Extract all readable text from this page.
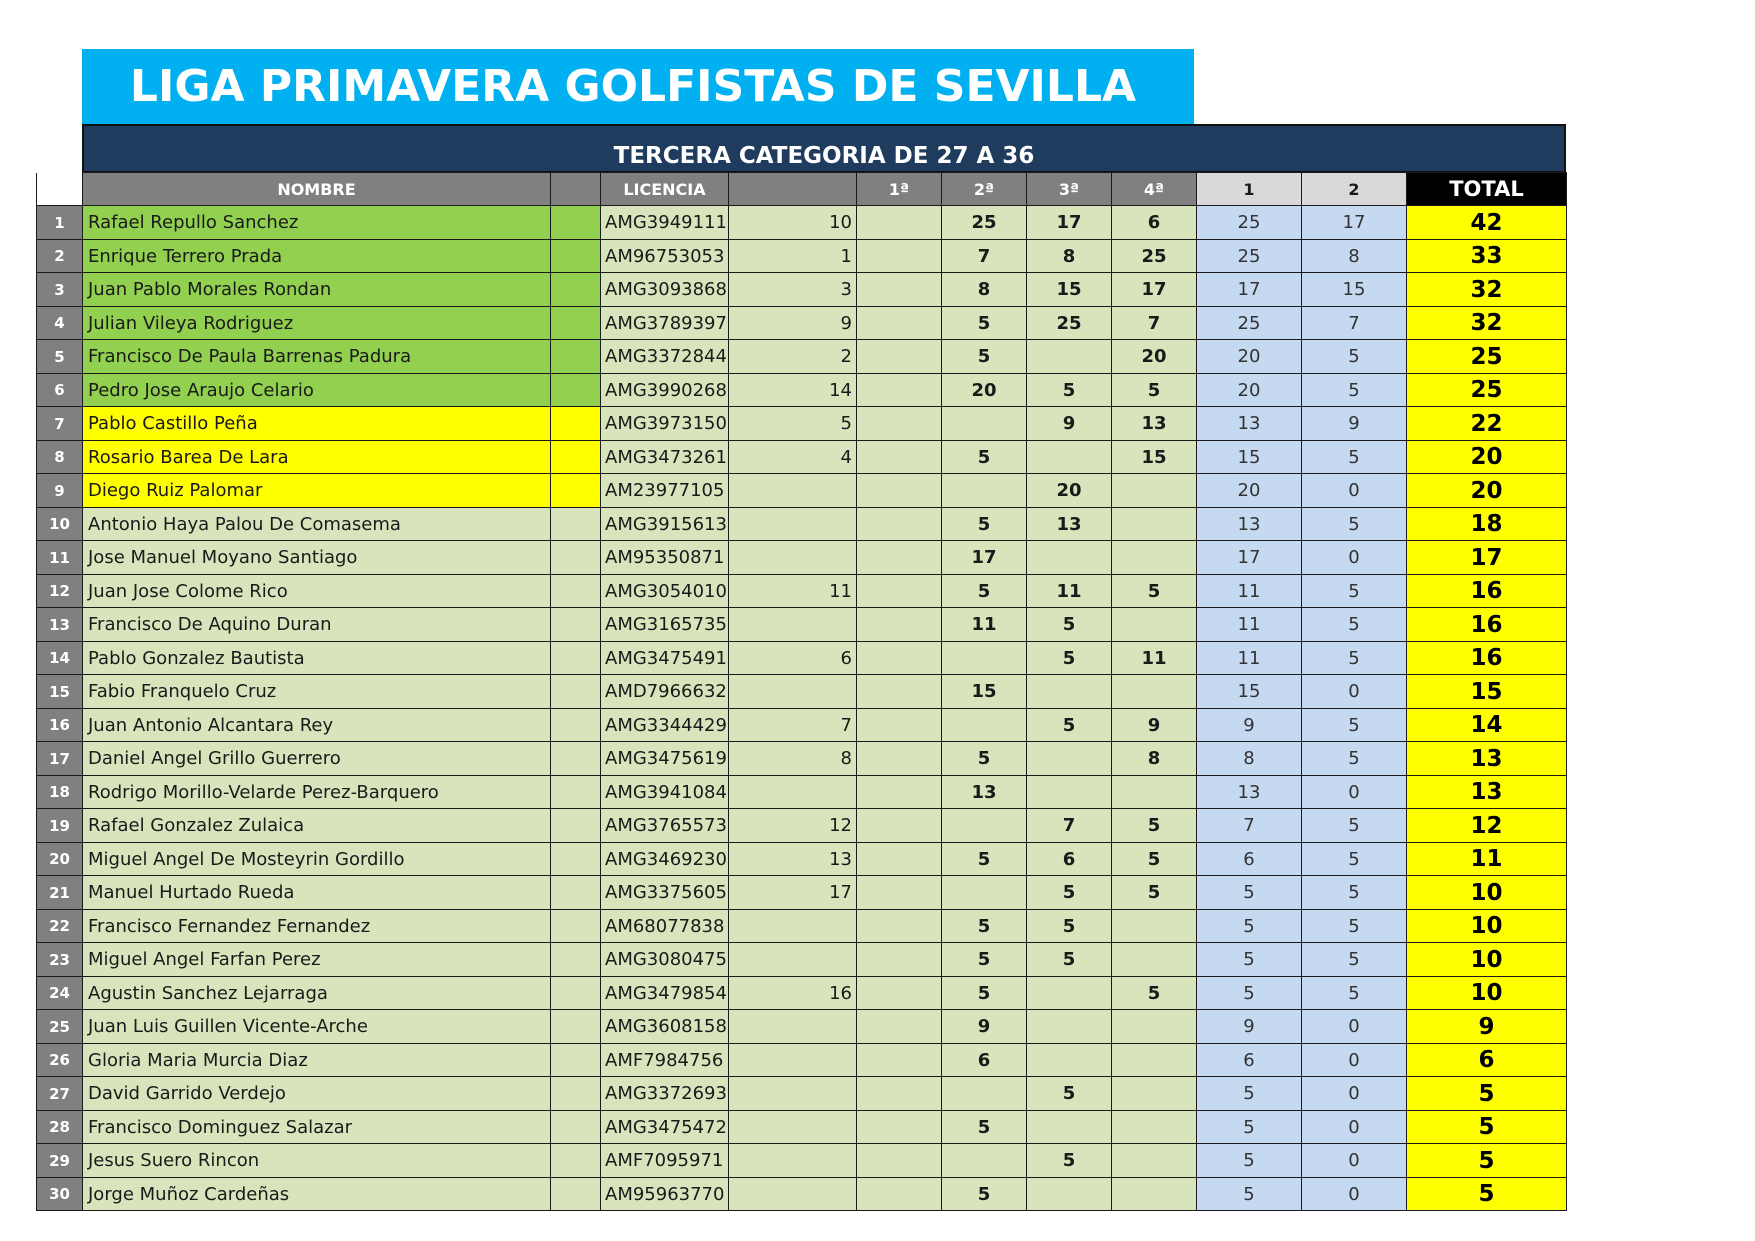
LIGA PRIMAVERA GOLFISTAS DE SEVILLA
TERCERA CATEGORIA DE 27 A 36
	NOMBRE		LICENCIA		1ª	2ª	3ª	4ª	1	2	TOTAL
1	Rafael Repullo Sanchez		AMG3949111	10		25	17	6	25	17	42
2	Enrique Terrero Prada		AM96753053	1		7	8	25	25	8	33
3	Juan Pablo Morales Rondan		AMG3093868	3		8	15	17	17	15	32
4	Julian Vileya Rodriguez		AMG3789397	9		5	25	7	25	7	32
5	Francisco De Paula Barrenas Padura		AMG3372844	2		5		20	20	5	25
6	Pedro Jose Araujo Celario		AMG3990268	14		20	5	5	20	5	25
7	Pablo Castillo Peña		AMG3973150	5			9	13	13	9	22
8	Rosario Barea De Lara		AMG3473261	4		5		15	15	5	20
9	Diego Ruiz Palomar		AM23977105				20		20	0	20
10	Antonio Haya Palou De Comasema		AMG3915613			5	13		13	5	18
11	Jose Manuel Moyano Santiago		AM95350871			17			17	0	17
12	Juan Jose Colome Rico		AMG3054010	11		5	11	5	11	5	16
13	Francisco De Aquino Duran		AMG3165735			11	5		11	5	16
14	Pablo Gonzalez Bautista		AMG3475491	6			5	11	11	5	16
15	Fabio Franquelo Cruz		AMD7966632			15			15	0	15
16	Juan Antonio Alcantara Rey		AMG3344429	7			5	9	9	5	14
17	Daniel Angel Grillo Guerrero		AMG3475619	8		5		8	8	5	13
18	Rodrigo Morillo-Velarde Perez-Barquero		AMG3941084			13			13	0	13
19	Rafael Gonzalez Zulaica		AMG3765573	12			7	5	7	5	12
20	Miguel Angel De Mosteyrin Gordillo		AMG3469230	13		5	6	5	6	5	11
21	Manuel Hurtado Rueda		AMG3375605	17			5	5	5	5	10
22	Francisco Fernandez Fernandez		AM68077838			5	5		5	5	10
23	Miguel Angel Farfan Perez		AMG3080475			5	5		5	5	10
24	Agustin Sanchez Lejarraga		AMG3479854	16		5		5	5	5	10
25	Juan Luis Guillen Vicente-Arche		AMG3608158			9			9	0	9
26	Gloria Maria Murcia Diaz		AMF7984756			6			6	0	6
27	David Garrido Verdejo		AMG3372693				5		5	0	5
28	Francisco Dominguez Salazar		AMG3475472			5			5	0	5
29	Jesus Suero Rincon		AMF7095971				5		5	0	5
30	Jorge Muñoz Cardeñas		AM95963770			5			5	0	5
